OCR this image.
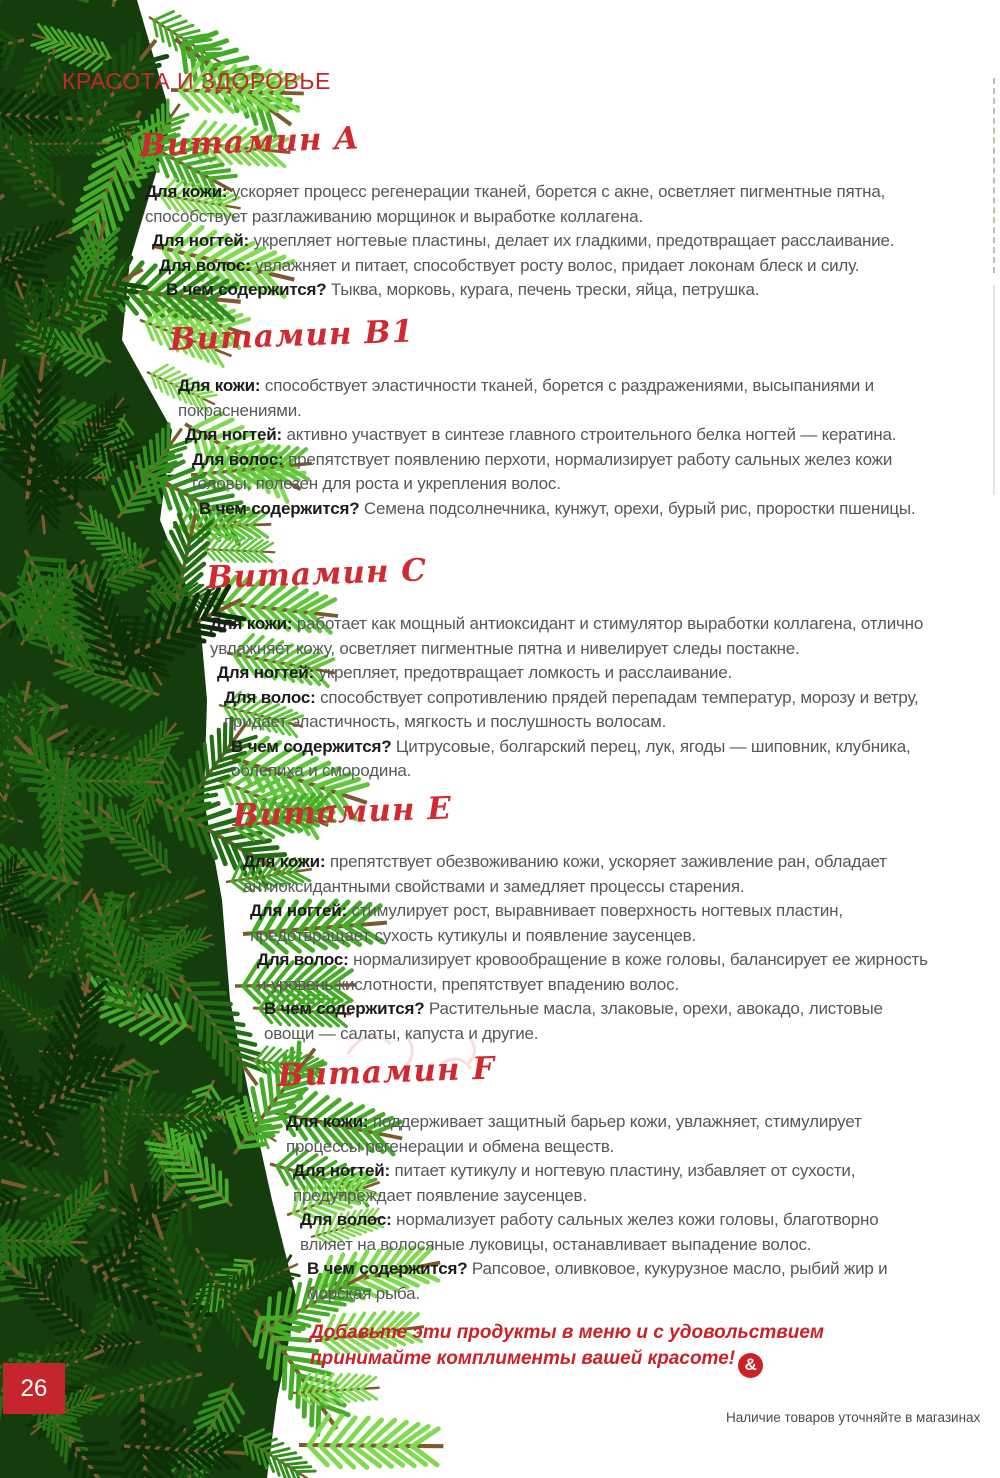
КРАСОТА И ЗДОРОВЬЕ
Витамин A

Для кожи: ускоряет процесс регенерации тканей, борется с акне, осветляет пигментные пятна, способствует разглаживанию морщинок и выработке коллагена.

Для ногтей: укрепляет ногтевые пластины, делает их гладкими, предотвращает расслаивание.

Для волос: увлажняет и питает, способствует росту волос, придает локонам блеск и силу.

В чем содержится? Тыква, морковь, курага, печень трески, яйца, петрушка.

Витамин B1

Для кожи: способствует эластичности тканей, борется с раздражениями, высыпаниями и покраснениями.

Для ногтей: активно участвует в синтезе главного строительного белка ногтей — кератина.

Для волос: препятствует появлению перхоти, нормализирует работу сальных желез кожи головы, полезен для роста и укрепления волос.

В чем содержится? Семена подсолнечника, кунжут, орехи, бурый рис, проростки пшеницы.

Витамин C

Для кожи: работает как мощный антиоксидант и стимулятор выработки коллагена, отлично увлажняет кожу, осветляет пигментные пятна и нивелирует следы постакне.

Для ногтей: укрепляет, предотвращает ломкость и расслаивание.

Для волос: способствует сопротивлению прядей перепадам температур, морозу и ветру, придает эластичность, мягкость и послушность волосам.

В чем содержится? Цитрусовые, болгарский перец, лук, ягоды — шиповник, клубника, облепиха и смородина.

Витамин E

Для кожи: препятствует обезвоживанию кожи, ускоряет заживление ран, обладает антиоксидантными свойствами и замедляет процессы старения.

Для ногтей: стимулирует рост, выравнивает поверхность ногтевых пластин, предотвращает сухость кутикулы и появление заусенцев.

Для волос: нормализирует кровообращение в коже головы, балансирует ее жирность и уровень кислотности, препятствует впадению волос.

В чем содержится? Растительные масла, злаковые, орехи, авокадо, листовые овощи — салаты, капуста и другие.

Витамин F

Для кожи: поддерживает защитный барьер кожи, увлажняет, стимулирует процессы регенерации и обмена веществ.

Для ногтей: питает кутикулу и ногтевую пластину, избавляет от сухости, предупреждает появление заусенцев.

Для волос: нормализует работу сальных желез кожи головы, благотворно влияет на волосяные луковицы, останавливает выпадение волос.

В чем содержится? Рапсовое, оливковое, кукурузное масло, рыбий жир и морская рыба.

Добавьте эти продукты в меню и с удовольствием принимайте комплименты вашей красоте! &
26
Наличие товаров уточняйте в магазинах
